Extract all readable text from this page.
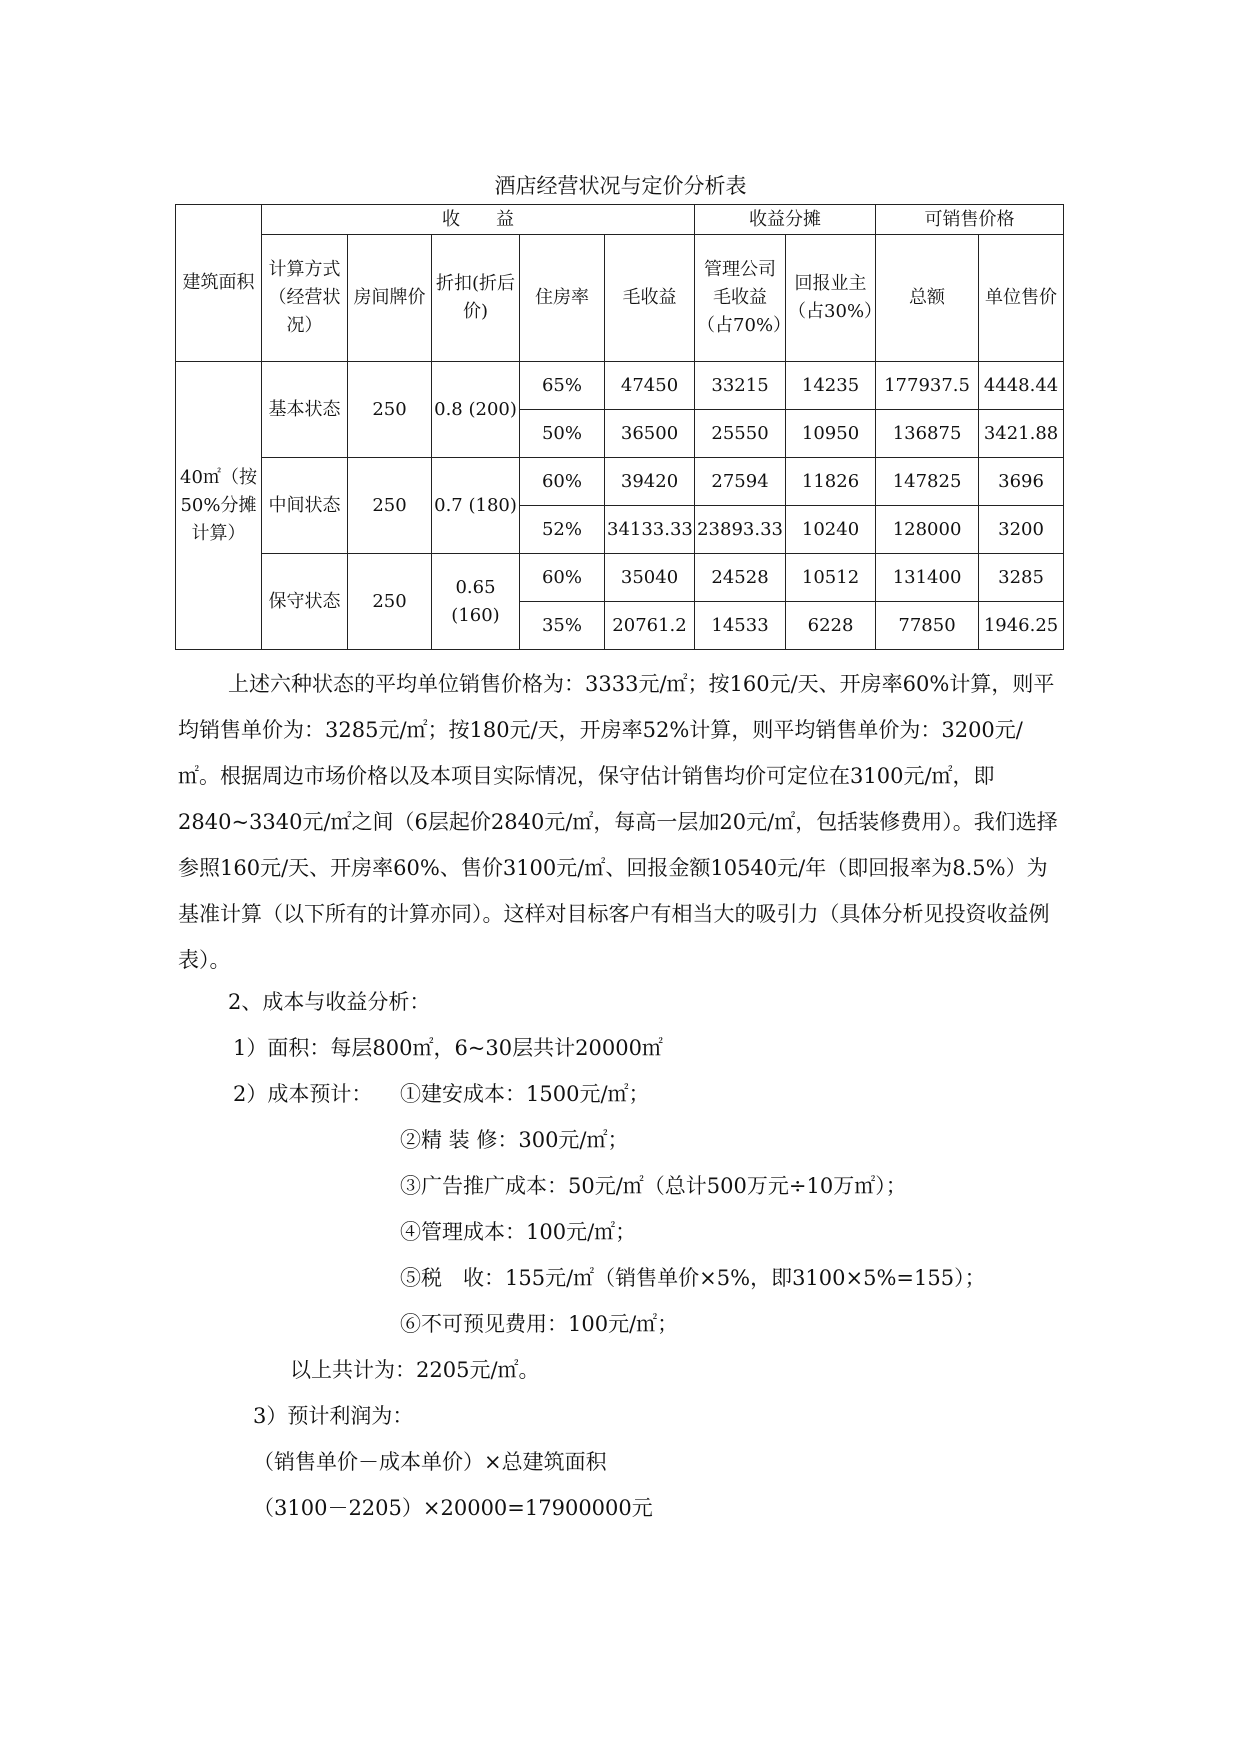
酒店经营状况与定价分析表
建筑面积	收　　益					收益分摊		可销售价格	
	计算方式（经营状况）	房间牌价	折扣(折后价)	住房率	毛收益	管理公司毛收益（占70%）	回报业主（占30%）	总额	单位售价
40㎡（按50%分摊计算）	基本状态	250	0.8 (200)	65%	47450	33215	14235	177937.5	4448.44
				50%	36500	25550	10950	136875	3421.88
	中间状态	250	0.7 (180)	60%	39420	27594	11826	147825	3696
				52%	34133.33	23893.33	10240	128000	3200
	保守状态	250	0.65 (160)	60%	35040	24528	10512	131400	3285
				35%	20761.2	14533	6228	77850	1946.25

上述六种状态的平均单位销售价格为：3333元/㎡；按160元/天、开房率60%计算，则平均销售单价为：3285元/㎡；按180元/天，开房率52%计算，则平均销售单价为：3200元/㎡。根据周边市场价格以及本项目实际情况，保守估计销售均价可定位在3100元/㎡，即2840~3340元/㎡之间（6层起价2840元/㎡，每高一层加20元/㎡，包括装修费用）。我们选择参照160元/天、开房率60%、售价3100元/㎡、回报金额10540元/年（即回报率为8.5%）为基准计算（以下所有的计算亦同）。这样对目标客户有相当大的吸引力（具体分析见投资收益例表）。

2、成本与收益分析：
1）面积：每层800㎡，6~30层共计20000㎡
2）成本预计： ①建安成本：1500元/㎡；
②精 装 修：300元/㎡；
③广告推广成本：50元/㎡（总计500万元÷10万㎡）；
④管理成本：100元/㎡；
⑤税　收：155元/㎡（销售单价×5%，即3100×5%=155）；
⑥不可预见费用：100元/㎡；
以上共计为：2205元/㎡。
3）预计利润为：
（销售单价－成本单价）×总建筑面积
（3100－2205）×20000=17900000元
